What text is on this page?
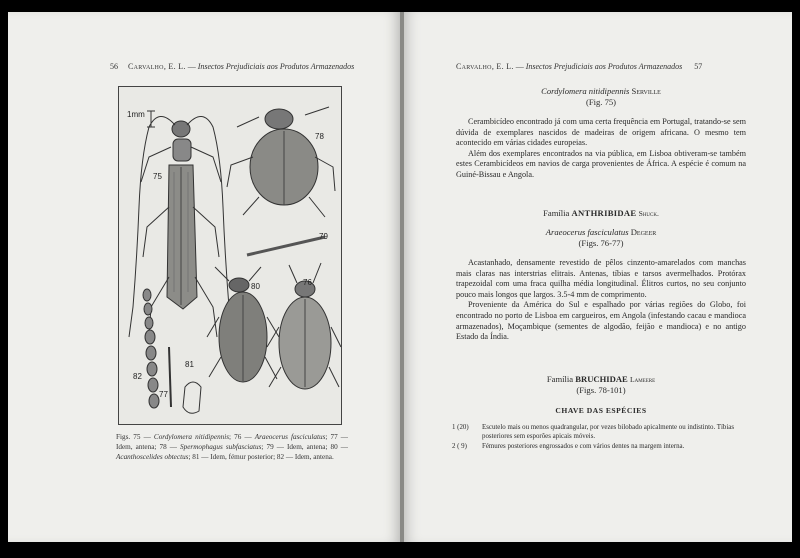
56 Carvalho, E. L. — Insectos Prejudiciais aos Produtos Armazenados
1mm
75
78
79
80	76
81
82
77
Figs. 75 — Cordylomera nitidipennis; 76 — Araeocerus fasciculatus; 77 — Idem, antena; 78 — Spermophagus subfasciatus; 79 — Idem, antena; 80 — Acanthoscelides obtectus; 81 — Idem, fémur posterior; 82 — Idem, antena.
Carvalho, E. L. — Insectos Prejudiciais aos Produtos Armazenados 57
Cordylomera nitidipennis Serville
(Fig. 75)

Cerambicídeo encontrado já com uma certa frequência em Portugal, tratando-se sem dúvida de exemplares nascidos de madeiras de origem africana. O mesmo tem acontecido em várias cidades europeias.

Além dos exemplares encontrados na via pública, em Lisboa obtiveram-se também estes Cerambicídeos em navios de carga provenientes de África. A espécie é comum na Guiné-Bissau e Angola.

Família ANTHRIBIDAE Shuck.
Araeocerus fasciculatus Degeer
(Figs. 76-77)

Acastanhado, densamente revestido de pêlos cinzento-amarelados com manchas mais claras nas interstrias elitrais. Antenas, tíbias e tarsos avermelhados. Protórax trapezoidal com uma fraca quilha média longitudinal. Élitros curtos, no seu conjunto pouco mais longos que largos. 3.5-4 mm de comprimento.

Proveniente da América do Sul e espalhado por várias regiões do Globo, foi encontrado no porto de Lisboa em cargueiros, em Angola (infestando cacau e mandioca armazenados), Moçambique (sementes de algodão, feijão e mandioca) e no antigo Estado da Índia.

Família BRUCHIDAE Lameere
(Figs. 78-101)
CHAVE DAS ESPÉCIES
1 (20)	Escutelo mais ou menos quadrangular, por vezes bilobado apicalmente ou indistinto. Tíbias posteriores sem esporões apicais móveis.
2 ( 9)	Fémures posteriores engrossados e com vários dentes na margem interna.
